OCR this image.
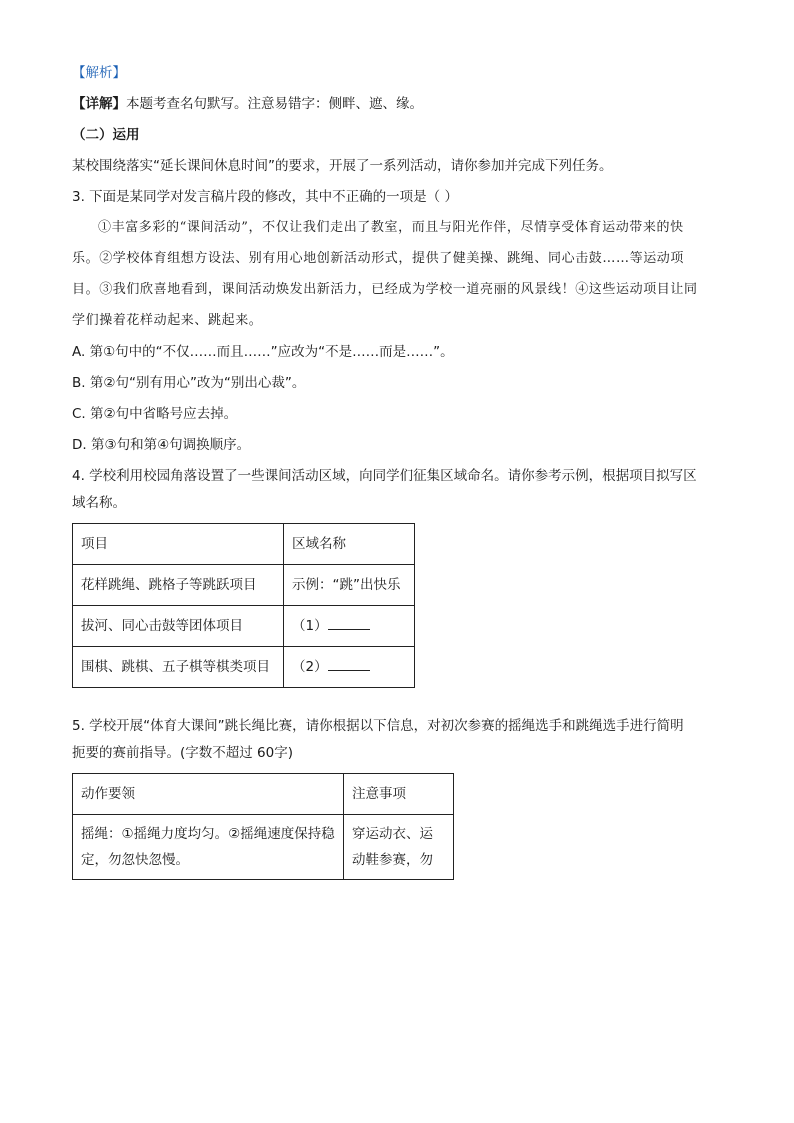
【解析】
【详解】本题考查名句默写。注意易错字：侧畔、遮、缘。
（二）运用
某校围绕落实“延长课间休息时间”的要求，开展了一系列活动，请你参加并完成下列任务。
3. 下面是某同学对发言稿片段的修改，其中不正确的一项是（ ）

①丰富多彩的“课间活动”，不仅让我们走出了教室，而且与阳光作伴，尽情享受体育运动带来的快

乐。②学校体育组想方设法、别有用心地创新活动形式，提供了健美操、跳绳、同心击鼓……等运动项

目。③我们欣喜地看到，课间活动焕发出新活力，已经成为学校一道亮丽的风景线！④这些运动项目让同

学们操着花样动起来、跳起来。

A. 第①句中的“不仅……而且……”应改为“不是……而是……”。
B. 第②句“别有用心”改为“别出心裁”。
C. 第②句中省略号应去掉。
D. 第③句和第④句调换顺序。
4. 学校利用校园角落设置了一些课间活动区域，向同学们征集区域命名。请你参考示例，根据项目拟写区
域名称。
项目	区域名称
花样跳绳、跳格子等跳跃项目	示例：“跳”出快乐
拔河、同心击鼓等团体项目	（1）
围棋、跳棋、五子棋等棋类项目	（2）
5. 学校开展“体育大课间”跳长绳比赛，请你根据以下信息，对初次参赛的摇绳选手和跳绳选手进行简明
扼要的赛前指导。(字数不超过 60字)
动作要领	注意事项
摇绳：①摇绳力度均匀。②摇绳速度保持稳定，勿忽快忽慢。	穿运动衣、运动鞋参赛，勿
